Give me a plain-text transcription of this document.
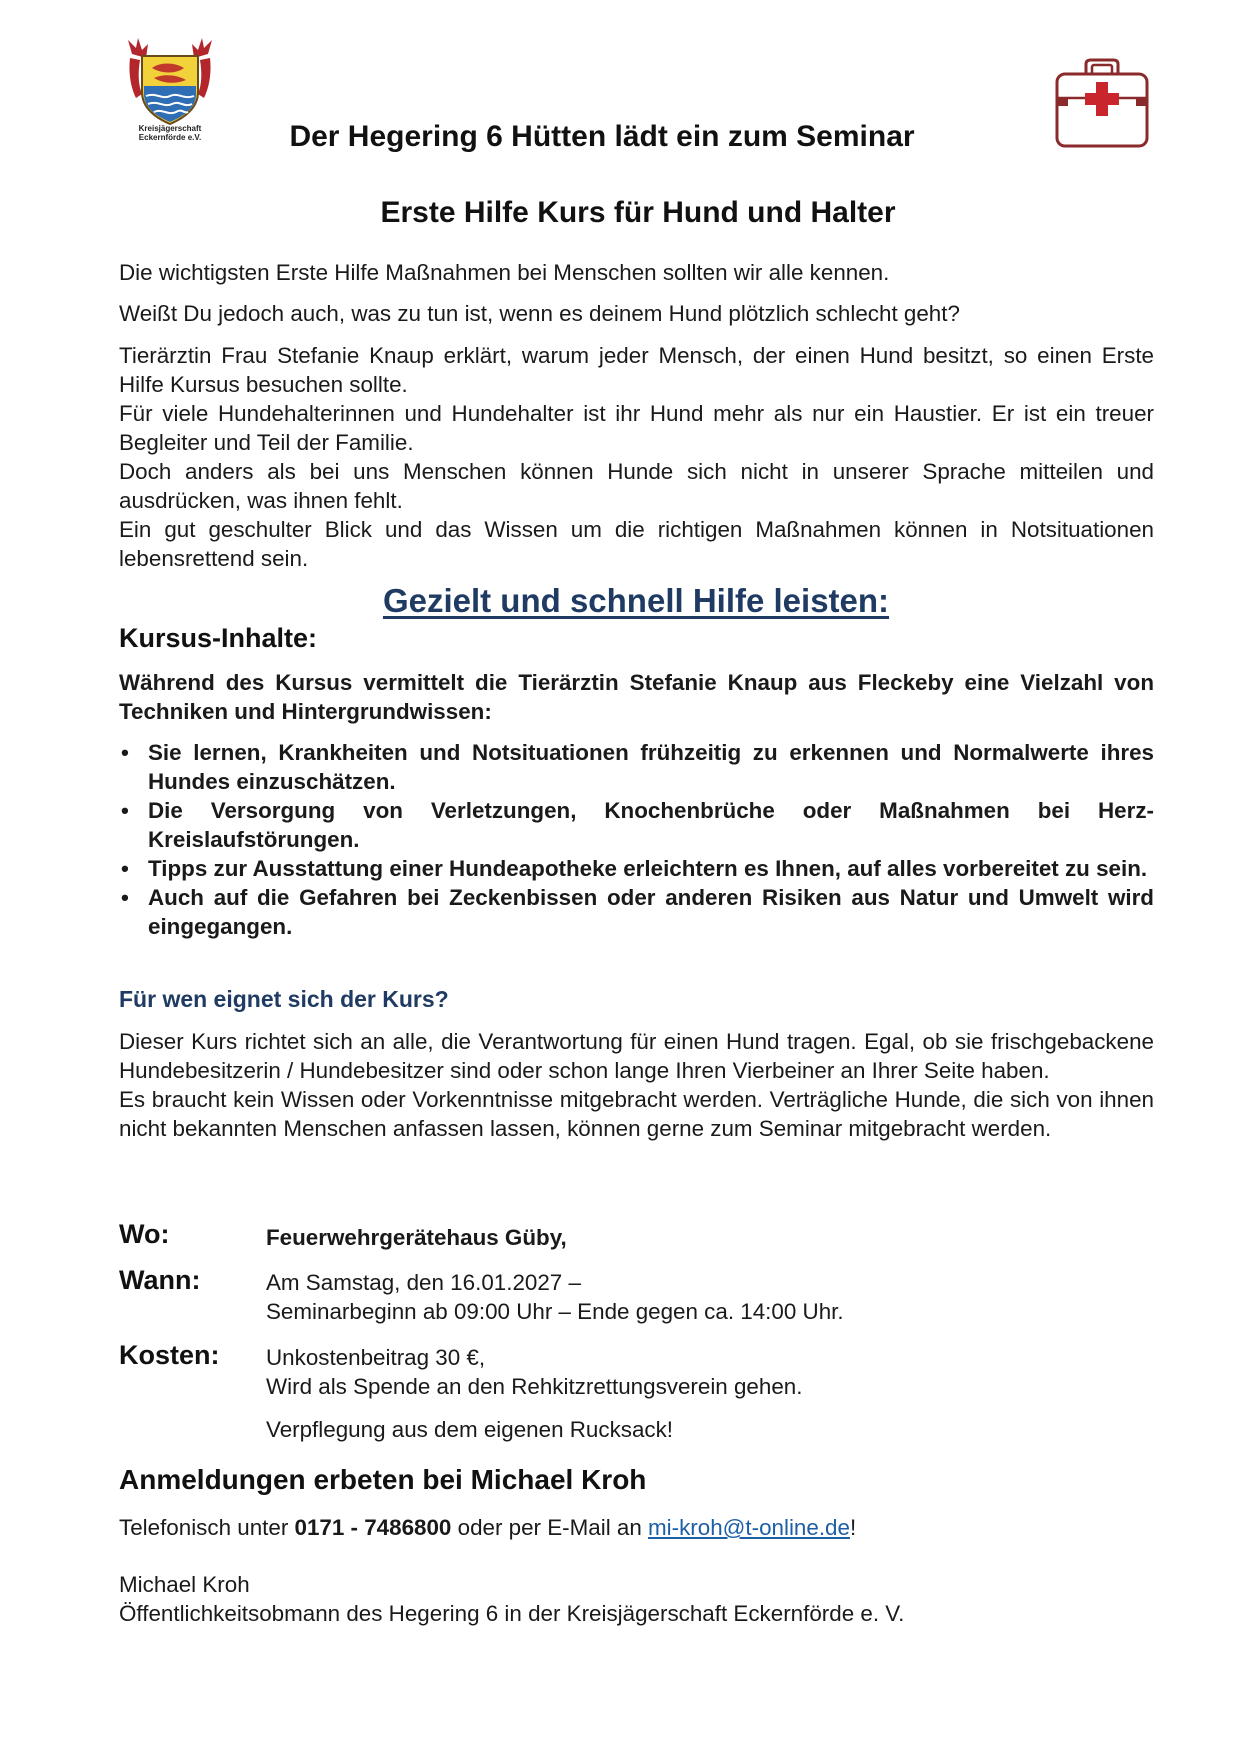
Kreisjägerschaft
Eckernförde e.V.	Der Hegering 6 Hütten lädt ein zum Seminar
Erste Hilfe Kurs für Hund und Halter
Die wichtigsten Erste Hilfe Maßnahmen bei Menschen sollten wir alle kennen.
Weißt Du jedoch auch, was zu tun ist, wenn es deinem Hund plötzlich schlecht geht?

Tierärztin Frau Stefanie Knaup erklärt, warum jeder Mensch, der einen Hund besitzt, so einen Erste Hilfe Kursus besuchen sollte.

Für viele Hundehalterinnen und Hundehalter ist ihr Hund mehr als nur ein Haustier. Er ist ein treuer Begleiter und Teil der Familie.

Doch anders als bei uns Menschen können Hunde sich nicht in unserer Sprache mitteilen und ausdrücken, was ihnen fehlt.

Ein gut geschulter Blick und das Wissen um die richtigen Maßnahmen können in Notsituationen lebensrettend sein.

Gezielt und schnell Hilfe leisten:
Kursus-Inhalte:
Während des Kursus vermittelt die Tierärztin Stefanie Knaup aus Fleckeby eine Vielzahl von Techniken und Hintergrundwissen:
• Sie lernen, Krankheiten und Notsituationen frühzeitig zu erkennen und Normalwerte ihres Hundes einzuschätzen.
• Die Versorgung von Verletzungen, Knochenbrüche oder Maßnahmen bei Herz-Kreislaufstörungen.
• Tipps zur Ausstattung einer Hundeapotheke erleichtern es Ihnen, auf alles vorbereitet zu sein.
• Auch auf die Gefahren bei Zeckenbissen oder anderen Risiken aus Natur und Umwelt wird eingegangen.
Für wen eignet sich der Kurs?

Dieser Kurs richtet sich an alle, die Verantwortung für einen Hund tragen. Egal, ob sie frischgebackene Hundebesitzerin / Hundebesitzer sind oder schon lange Ihren Vierbeiner an Ihrer Seite haben.

Es braucht kein Wissen oder Vorkenntnisse mitgebracht werden. Verträgliche Hunde, die sich von ihnen nicht bekannten Menschen anfassen lassen, können gerne zum Seminar mitgebracht werden.

Wo:	Feuerwehrgerätehaus Güby,
Wann:	Am Samstag, den 16.01.2027 –
Seminarbeginn ab 09:00 Uhr – Ende gegen ca. 14:00 Uhr.
Kosten: Unkostenbeitrag 30 €,
Wird als Spende an den Rehkitzrettungsverein gehen.
Verpflegung aus dem eigenen Rucksack!
Anmeldungen erbeten bei Michael Kroh
Telefonisch unter 0171 - 7486800 oder per E-Mail an mi-kroh@t-online.de!
Michael Kroh
Öffentlichkeitsobmann des Hegering 6 in der Kreisjägerschaft Eckernförde e. V.
